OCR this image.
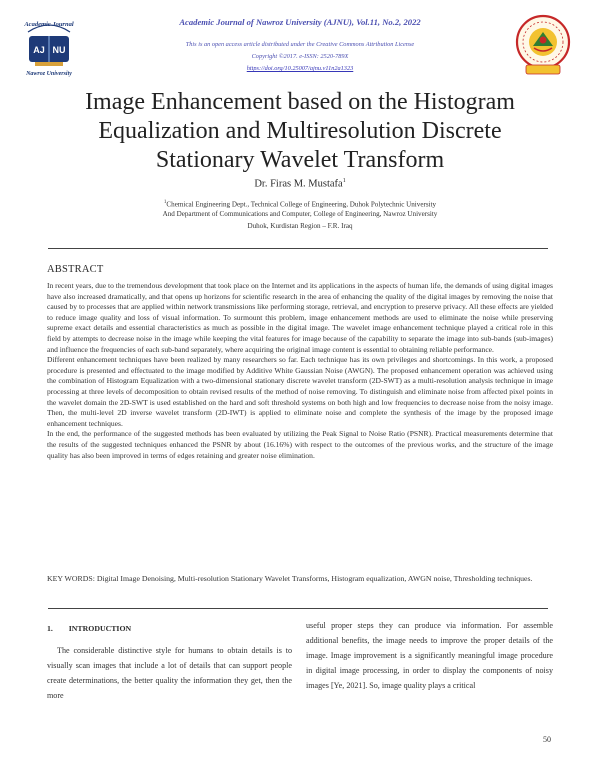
Academic Journal
AJ NU
Nawroz University
Academic Journal of Nawroz University (AJNU), Vol.11, No.2, 2022
This is an open access article distributed under the Creative Commons Attribution License
Copyright ©2017. e-ISSN: 2520-789X
https://doi.org/10.25007/ajnu.v11n2a1323
Image Enhancement based on the Histogram
Equalization and Multiresolution Discrete
Stationary Wavelet Transform
Dr. Firas M. Mustafa$^1$
$^1$Chemical Engineering Dept., Technical College of Engineering, Duhok Polytechnic University
And Department of Communications and Computer, College of Engineering, Nawroz University
Duhok, Kurdistan Region – F.R. Iraq
ABSTRACT

In recent years, due to the tremendous development that took place on the Internet and its applications in the aspects of human life, the demands of using digital images have also increased dramatically, and that opens up horizons for scientific research in the area of enhancing the quality of the digital images by removing the noise that caused by to processes that are applied within network transmissions like performing storage, retrieval, and encryption to preserve privacy. All these effects are yielded to reduce image quality and loss of visual information. To surmount this problem, image enhancement methods are used to eliminate the noise while preserving supreme exact details and essential characteristics as much as possible in the digital image. The wavelet image enhancement technique played a critical role in this field by attempts to decrease noise in the image while keeping the vital features for image because of the capability to separate the image into sub-bands (sub-images) and influence the frequencies of each sub-band separately, where acquiring the original image content is essential to obtaining reliable performance.

Different enhancement techniques have been realized by many researchers so far. Each technique has its own privileges and shortcomings. In this work, a proposed procedure is presented and effectuated to the image modified by Additive White Gaussian Noise (AWGN). The proposed enhancement operation was achieved using the combination of Histogram Equalization with a two-dimensional stationary discrete wavelet transform (2D-SWT) as a multi-resolution analysis technique in image processing at three levels of decomposition to obtain revised results of the method of noise removing. To distinguish and eliminate noise from affected pixel points in the wavelet domain the 2D-SWT is used established on the hard and soft threshold systems on both high and low frequencies to decrease noise from the noisy image. Then, the multi-level 2D inverse wavelet transform (2D-IWT) is applied to eliminate noise and complete the synthesis of the image by the proposed image enhancement techniques.

In the end, the performance of the suggested methods has been evaluated by utilizing the Peak Signal to Noise Ratio (PSNR). Practical measurements determine that the results of the suggested techniques enhanced the PSNR by about (16.16%) with respect to the outcomes of the previous works, and the structure of the image quality has also been improved in terms of edges retaining and greater noise elimination.

KEY WORDS: Digital Image Denoising, Multi-resolution Stationary Wavelet Transforms, Histogram equalization, AWGN noise, Thresholding techniques.
1. INTRODUCTION

The considerable distinctive style for humans to obtain details is to visually scan images that include a lot of details that can support people create determinations, the better quality the information they get, then the more

useful proper steps they can produce via information. For assemble additional benefits, the image needs to improve the proper details of the image. Image improvement is a significantly meaningful image procedure in digital image processing, in order to display the components of noisy images [Ye, 2021]. So, image quality plays a critical

50
